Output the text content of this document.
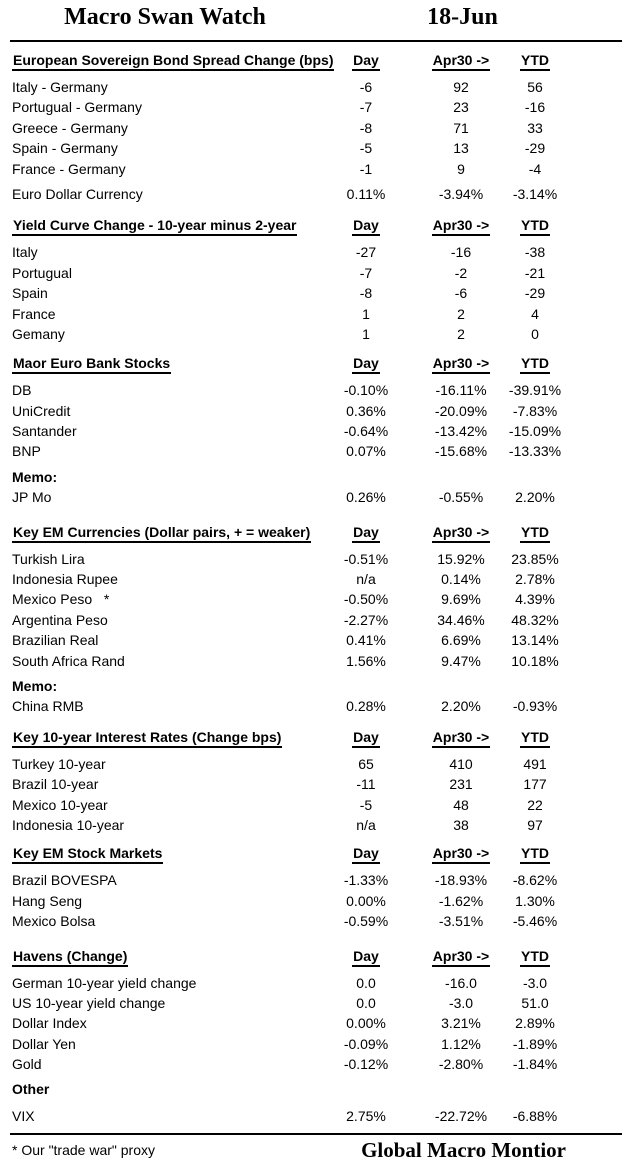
Macro Swan Watch	18-Jun
European Sovereign Bond Spread Change (bps) Day	Apr30 -> YTD
Italy - Germany	-6	92	56
Portugual - Germany	-7	23	-16
Greece - Germany	-8	71	33
Spain - Germany	-5	13	-29
France - Germany	-1	9	-4
Euro Dollar Currency	0.11%	-3.94% -3.14%
Yield Curve Change - 10-year minus 2-year	Day	Apr30 -> YTD
Italy	-27	-16	-38
Portugual	-7	-2	-21
Spain	-8	-6	-29
France	1	2	4
Gemany	1	2	0
Maor Euro Bank Stocks	Day	Apr30 -> YTD
DB	-0.10%	-16.11% -39.91%
UniCredit	0.36%	-20.09% -7.83%
Santander	-0.64%	-13.42% -15.09%
BNP	0.07%	-15.68% -13.33%
Memo:
JP Mo	0.26%	-0.55% 2.20%
Key EM Currencies (Dollar pairs, + = weaker)	Day	Apr30 -> YTD
Turkish Lira	-0.51%	15.92% 23.85%
Indonesia Rupee	n/a	0.14% 2.78%
Mexico Peso   *	-0.50%	9.69% 4.39%
Argentina Peso	-2.27%	34.46% 48.32%
Brazilian Real	0.41%	6.69% 13.14%
South Africa Rand	1.56%	9.47% 10.18%
Memo:
China RMB	0.28%	2.20% -0.93%
Key 10-year Interest Rates (Change bps)	Day	Apr30 -> YTD
Turkey 10-year	65	410	491
Brazil 10-year	-11	231	177
Mexico 10-year	-5	48	22
Indonesia 10-year	n/a	38	97
Key EM Stock Markets	Day	Apr30 -> YTD
Brazil BOVESPA	-1.33%	-18.93% -8.62%
Hang Seng	0.00%	-1.62% 1.30%
Mexico Bolsa	-0.59%	-3.51% -5.46%
Havens (Change)	Day	Apr30 -> YTD
German 10-year yield change	0.0	-16.0	-3.0
US 10-year yield change	0.0	-3.0	51.0
Dollar Index	0.00%	3.21% 2.89%
Dollar Yen	-0.09%	1.12% -1.89%
Gold	-0.12%	-2.80% -1.84%
Other
VIX	2.75%	-22.72% -6.88%
* Our "trade war" proxy	Global Macro Montior
